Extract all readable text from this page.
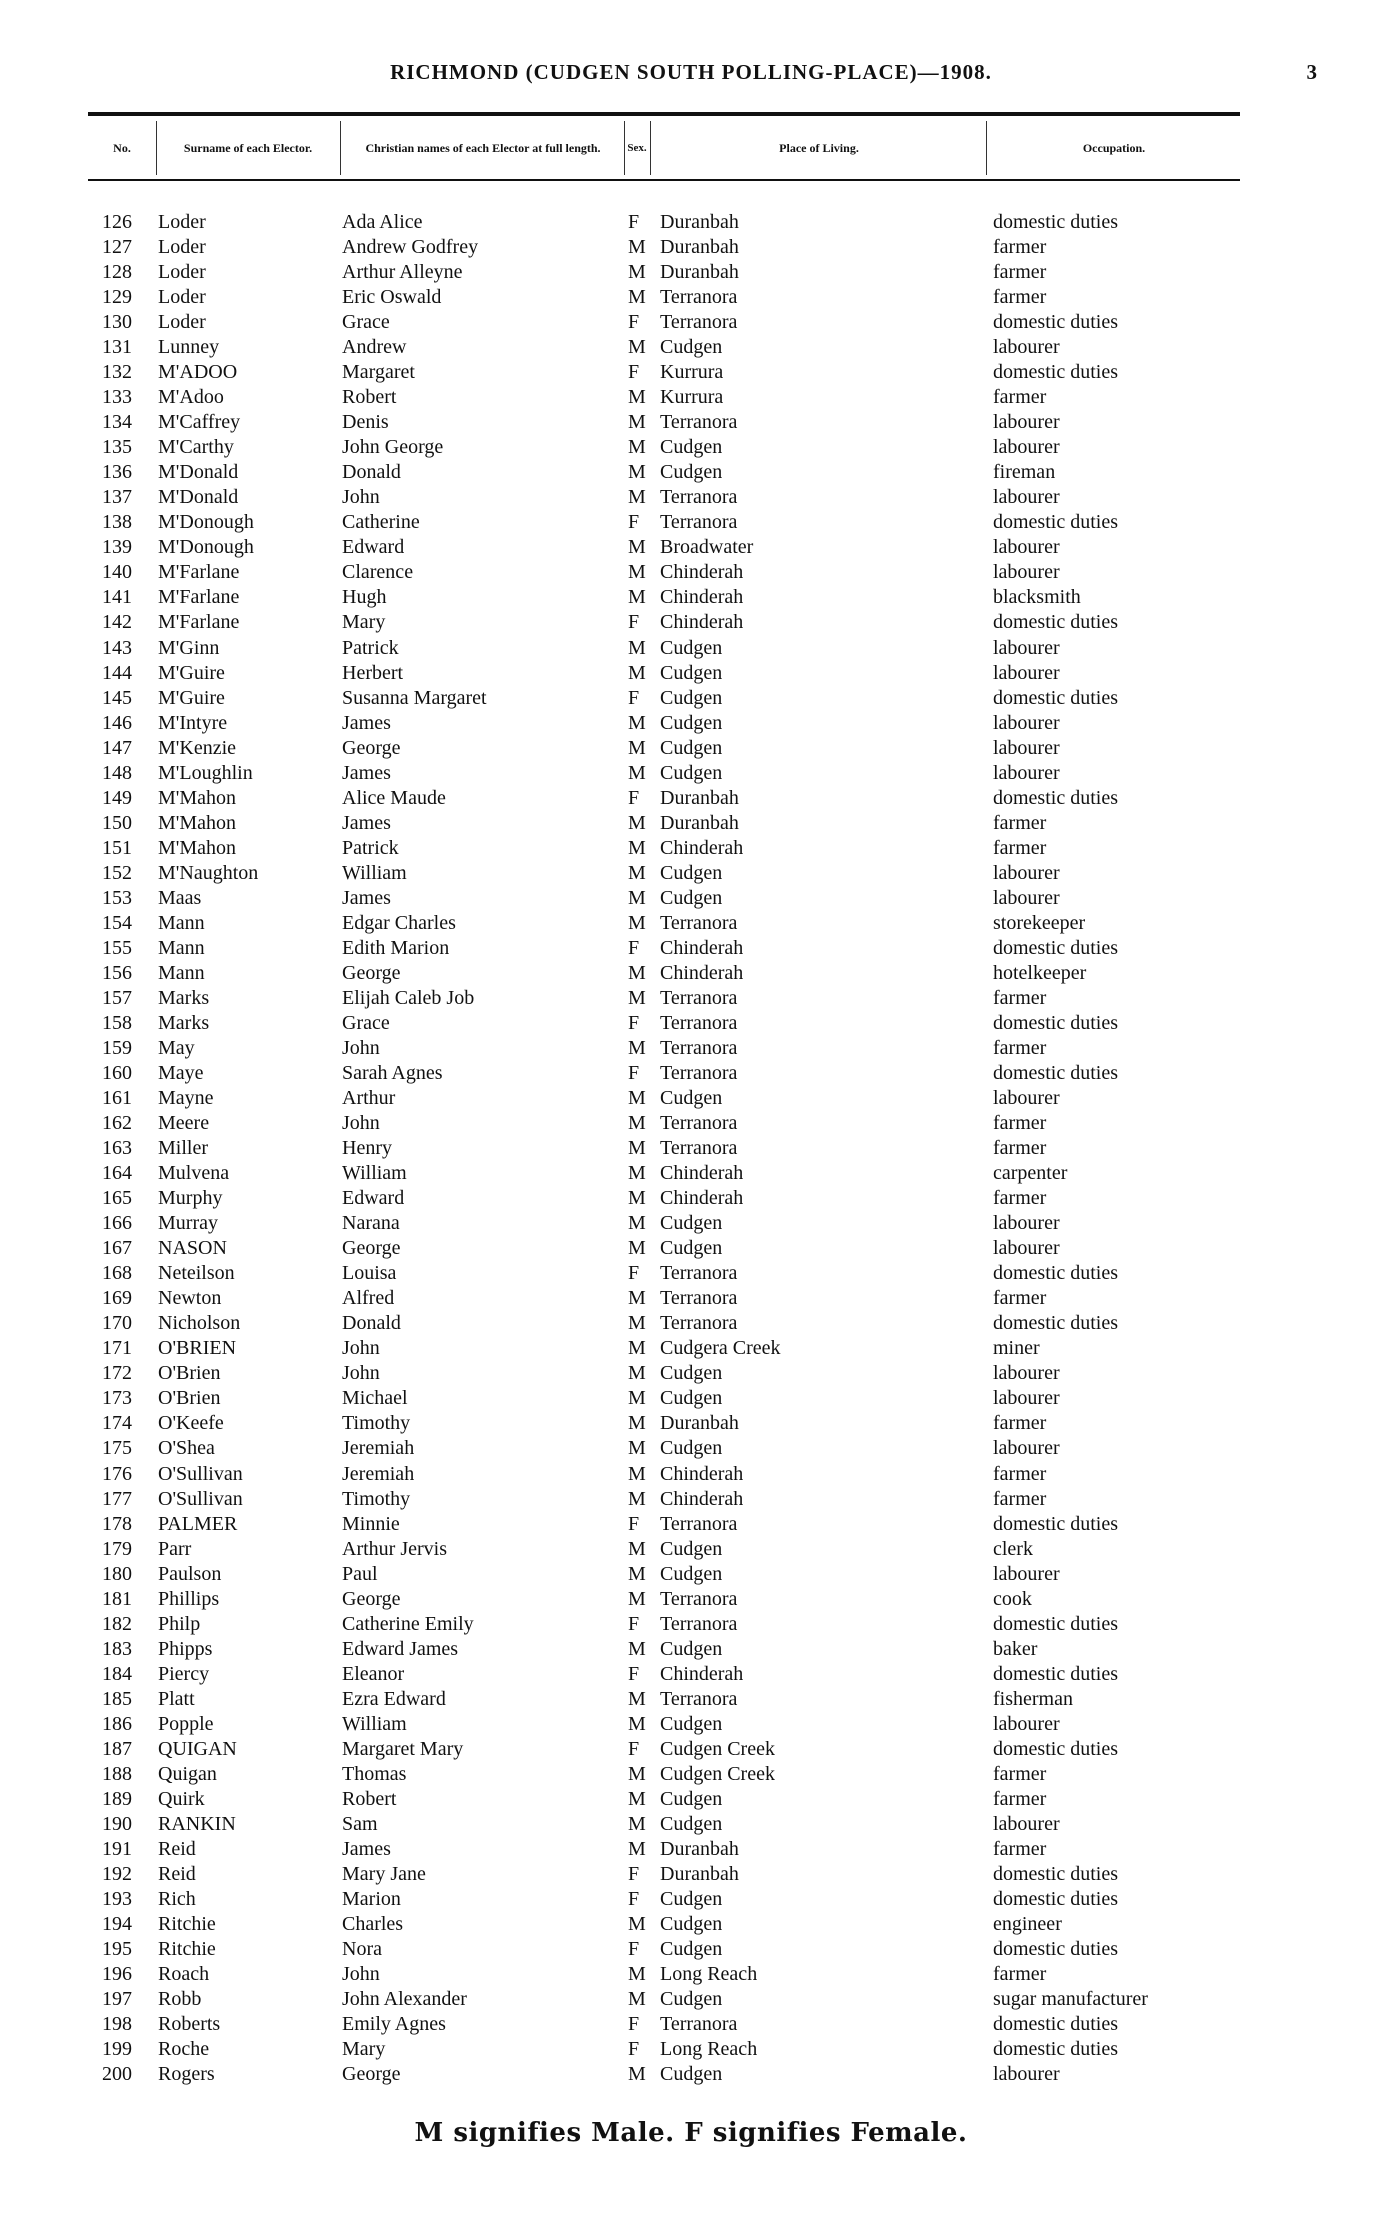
RICHMOND (CUDGEN SOUTH POLLING-PLACE)—1908.	3
No.	Surname of each Elector.	Christian names of each Elector at full length.	Sex.	Place of Living.	Occupation.
126 Loder	Ada Alice	F	Duranbah	domestic duties
127 Loder	Andrew Godfrey	M Duranbah	farmer
128 Loder	Arthur Alleyne	M Duranbah	farmer
129 Loder	Eric Oswald	M Terranora	farmer
130 Loder	Grace	F	Terranora	domestic duties
131 Lunney	Andrew	M Cudgen	labourer
132 M'ADOO	Margaret	F	Kurrura	domestic duties
133 M'Adoo	Robert	M Kurrura	farmer
134 M'Caffrey	Denis	M Terranora	labourer
135 M'Carthy	John George	M Cudgen	labourer
136 M'Donald	Donald	M Cudgen	fireman
137 M'Donald	John	M Terranora	labourer
138 M'Donough	Catherine	F	Terranora	domestic duties
139 M'Donough	Edward	M Broadwater	labourer
140 M'Farlane	Clarence	M Chinderah	labourer
141 M'Farlane	Hugh	M Chinderah	blacksmith
142 M'Farlane	Mary	F	Chinderah	domestic duties
143 M'Ginn	Patrick	M Cudgen	labourer
144 M'Guire	Herbert	M Cudgen	labourer
145 M'Guire	Susanna Margaret	F	Cudgen	domestic duties
146 M'Intyre	James	M Cudgen	labourer
147 M'Kenzie	George	M Cudgen	labourer
148 M'Loughlin	James	M Cudgen	labourer
149 M'Mahon	Alice Maude	F	Duranbah	domestic duties
150 M'Mahon	James	M Duranbah	farmer
151 M'Mahon	Patrick	M Chinderah	farmer
152 M'Naughton	William	M Cudgen	labourer
153 Maas	James	M Cudgen	labourer
154 Mann	Edgar Charles	M Terranora	storekeeper
155 Mann	Edith Marion	F	Chinderah	domestic duties
156 Mann	George	M Chinderah	hotelkeeper
157 Marks	Elijah Caleb Job	M Terranora	farmer
158 Marks	Grace	F	Terranora	domestic duties
159 May	John	M Terranora	farmer
160 Maye	Sarah Agnes	F	Terranora	domestic duties
161 Mayne	Arthur	M Cudgen	labourer
162 Meere	John	M Terranora	farmer
163 Miller	Henry	M Terranora	farmer
164 Mulvena	William	M Chinderah	carpenter
165 Murphy	Edward	M Chinderah	farmer
166 Murray	Narana	M Cudgen	labourer
167 NASON	George	M Cudgen	labourer
168 Neteilson	Louisa	F	Terranora	domestic duties
169 Newton	Alfred	M Terranora	farmer
170 Nicholson	Donald	M Terranora	domestic duties
171 O'BRIEN	John	M Cudgera Creek	miner
172 O'Brien	John	M Cudgen	labourer
173 O'Brien	Michael	M Cudgen	labourer
174 O'Keefe	Timothy	M Duranbah	farmer
175 O'Shea	Jeremiah	M Cudgen	labourer
176 O'Sullivan	Jeremiah	M Chinderah	farmer
177 O'Sullivan	Timothy	M Chinderah	farmer
178 PALMER	Minnie	F	Terranora	domestic duties
179 Parr	Arthur Jervis	M Cudgen	clerk
180 Paulson	Paul	M Cudgen	labourer
181 Phillips	George	M Terranora	cook
182 Philp	Catherine Emily	F	Terranora	domestic duties
183 Phipps	Edward James	M Cudgen	baker
184 Piercy	Eleanor	F	Chinderah	domestic duties
185 Platt	Ezra Edward	M Terranora	fisherman
186 Popple	William	M Cudgen	labourer
187 QUIGAN	Margaret Mary	F	Cudgen Creek	domestic duties
188 Quigan	Thomas	M Cudgen Creek	farmer
189 Quirk	Robert	M Cudgen	farmer
190 RANKIN	Sam	M Cudgen	labourer
191 Reid	James	M Duranbah	farmer
192 Reid	Mary Jane	F	Duranbah	domestic duties
193 Rich	Marion	F	Cudgen	domestic duties
194 Ritchie	Charles	M Cudgen	engineer
195 Ritchie	Nora	F	Cudgen	domestic duties
196 Roach	John	M Long Reach	farmer
197 Robb	John Alexander	M Cudgen	sugar manufacturer
198 Roberts	Emily Agnes	F	Terranora	domestic duties
199 Roche	Mary	F	Long Reach	domestic duties
200 Rogers	George	M Cudgen	labourer
M signifies Male. F signifies Female.
